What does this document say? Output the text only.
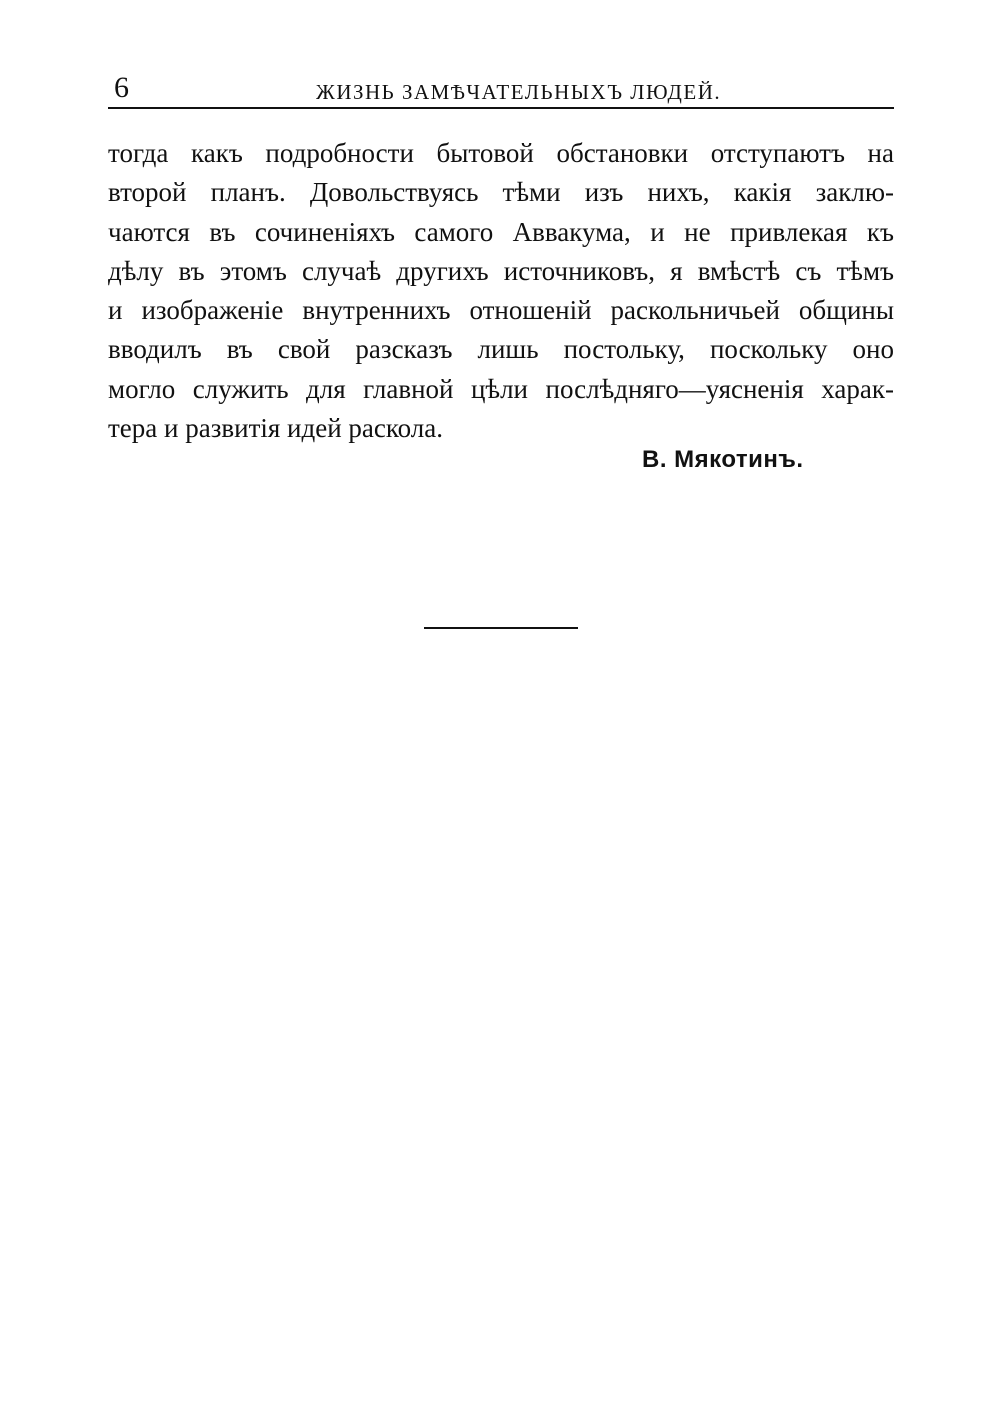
6	ЖИЗНЬ ЗАМѢЧАТЕЛЬНЫХЪ ЛЮДЕЙ.
тогда какъ подробности бытовой обстановки отступаютъ на
второй планъ. Довольствуясь тѣми изъ нихъ, какія заклю-
чаются въ сочиненіяхъ самого Аввакума, и не привлекая къ
дѣлу въ этомъ случаѣ другихъ источниковъ, я вмѣстѣ съ тѣмъ
и изображеніе внутреннихъ отношеній раскольничьей общины
вводилъ въ свой разсказъ лишь постольку, поскольку оно
могло служить для главной цѣли послѣдняго—уясненія харак-
тера и развитія идей раскола.
В. Мякотинъ.
